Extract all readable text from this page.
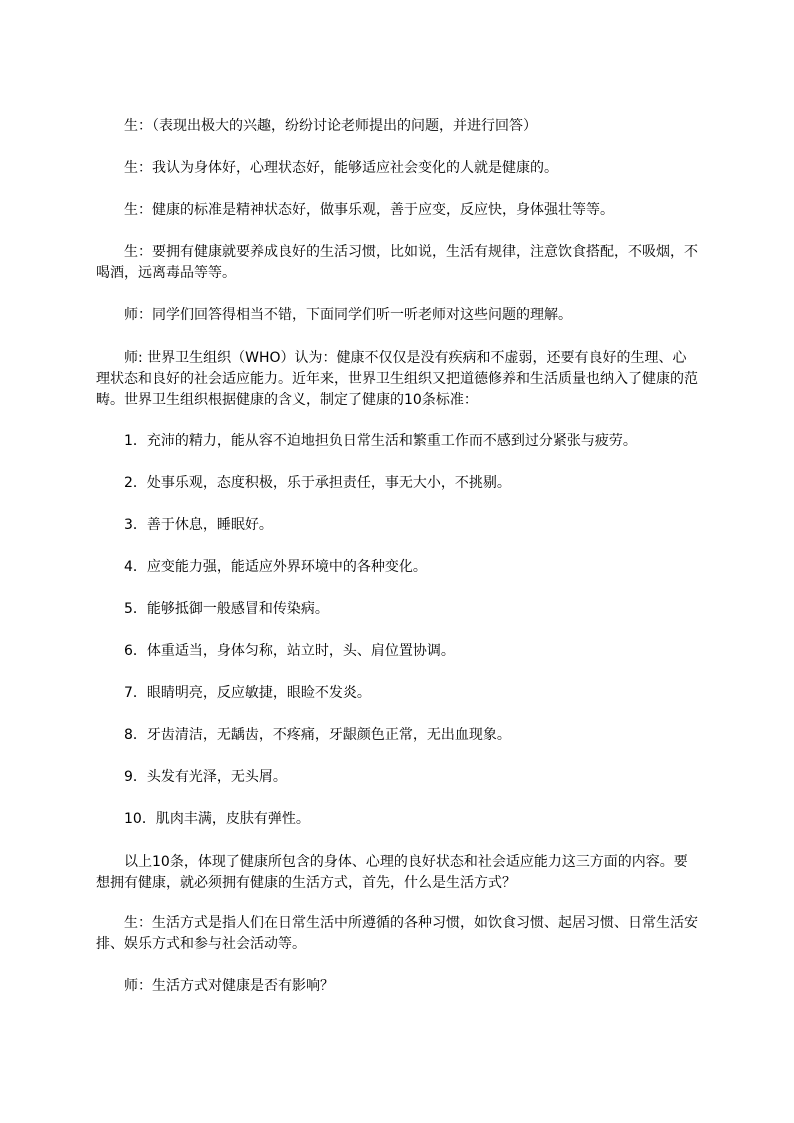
生：（表现出极大的兴趣，纷纷讨论老师提出的问题，并进行回答）

生：我认为身体好，心理状态好，能够适应社会变化的人就是健康的。

生：健康的标准是精神状态好，做事乐观，善于应变，反应快，身体强壮等等。

生：要拥有健康就要养成良好的生活习惯，比如说，生活有规律，注意饮食搭配，不吸烟，不喝酒，远离毒品等等。

师：同学们回答得相当不错，下面同学们听一听老师对这些问题的理解。

师: 世界卫生组织（WHO）认为：健康不仅仅是没有疾病和不虚弱，还要有良好的生理、心理状态和良好的社会适应能力。近年来，世界卫生组织又把道德修养和生活质量也纳入了健康的范畴。世界卫生组织根据健康的含义，制定了健康的10条标准：

1．充沛的精力，能从容不迫地担负日常生活和繁重工作而不感到过分紧张与疲劳。

2．处事乐观，态度积极，乐于承担责任，事无大小，不挑剔。

3．善于休息，睡眠好。

4．应变能力强，能适应外界环境中的各种变化。

5．能够抵御一般感冒和传染病。

6．体重适当，身体匀称，站立时，头、肩位置协调。

7．眼睛明亮，反应敏捷，眼睑不发炎。

8．牙齿清洁，无龋齿，不疼痛，牙龈颜色正常，无出血现象。

9．头发有光泽，无头屑。

10．肌肉丰满，皮肤有弹性。

以上10条，体现了健康所包含的身体、心理的良好状态和社会适应能力这三方面的内容。要想拥有健康，就必须拥有健康的生活方式，首先，什么是生活方式？

生：生活方式是指人们在日常生活中所遵循的各种习惯，如饮食习惯、起居习惯、日常生活安排、娱乐方式和参与社会活动等。

师：生活方式对健康是否有影响？
